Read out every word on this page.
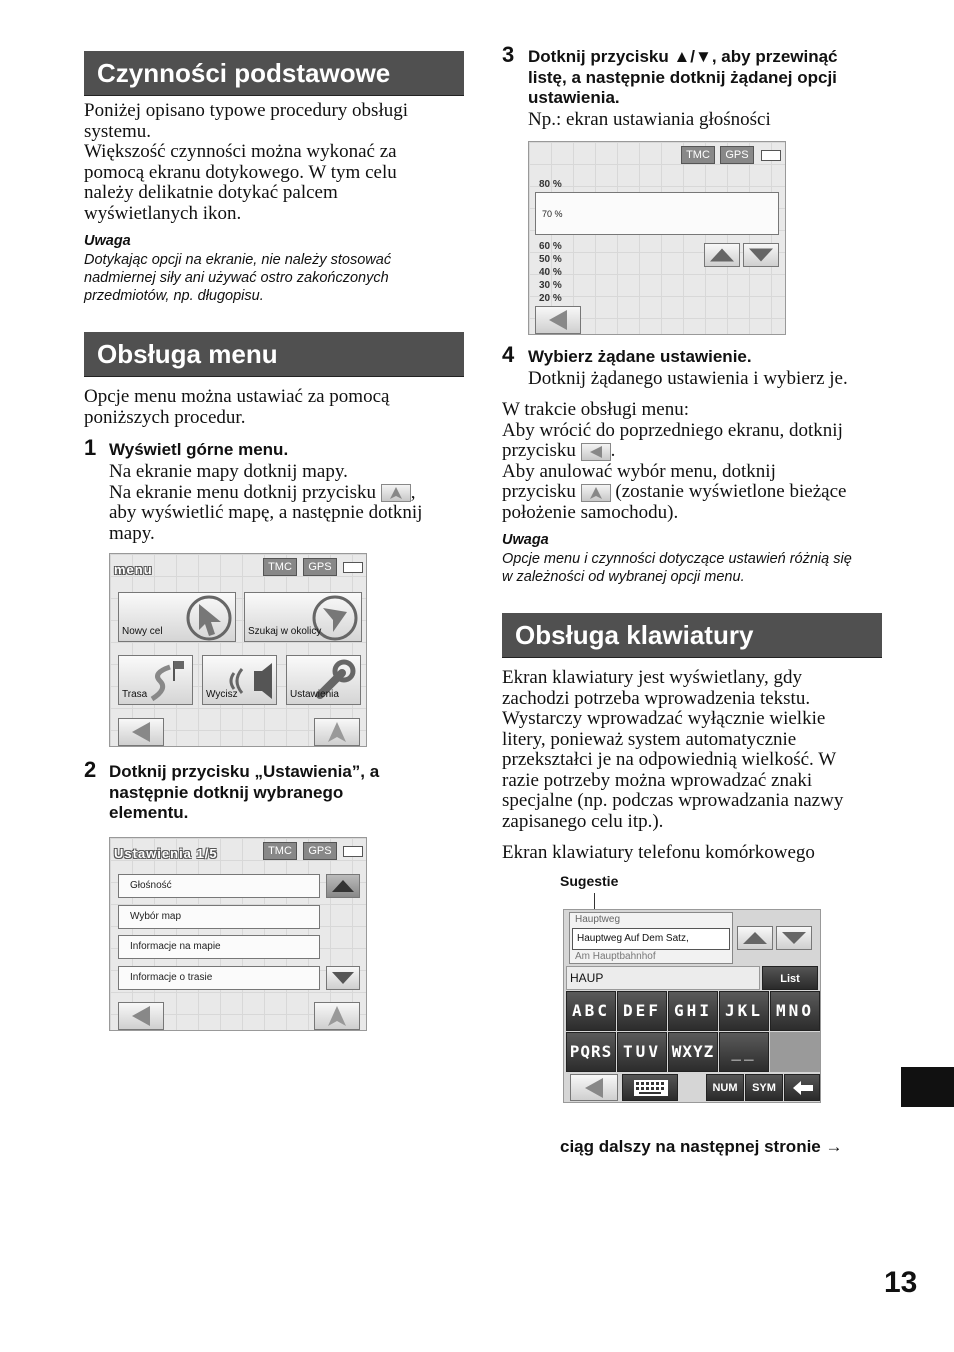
Czynności podstawowe
Poniżej opisano typowe procedury obsługi
systemu.
Większość czynności można wykonać za
pomocą ekranu dotykowego. W tym celu
należy delikatnie dotykać palcem
wyświetlanych ikon.
Uwaga
Dotykając opcji na ekranie, nie należy stosować
nadmiernej siły ani używać ostro zakończonych
przedmiotów, np. długopisu.
Obsługa menu
Opcje menu można ustawiać za pomocą
poniższych procedur.
1 Wyświetl górne menu.
Na ekranie mapy dotknij mapy.
Na ekranie menu dotknij przycisku ,
aby wyświetlić mapę, a następnie dotknij
mapy.
menu	TMC	GPS
Nowy cel	Szukaj w okolicy
Trasa	Wycisz	Ustawienia
2 Dotknij przycisku „Ustawienia”, a
następnie dotknij wybranego
elementu.
Ustawienia 1/5	TMC	GPS
Głośność
Wybór map
Informacje na mapie
Informacje o trasie
3 Dotknij przycisku ▲/▼, aby przewinąć
listę, a następnie dotknij żądanej opcji
ustawienia.
Np.: ekran ustawiania głośności
TMC	GPS
80 %
70 %
60 %
50 %
40 %
30 %
20 %
4 Wybierz żądane ustawienie.
Dotknij żądanego ustawienia i wybierz je.
W trakcie obsługi menu:
Aby wrócić do poprzedniego ekranu, dotknij
przycisku .
Aby anulować wybór menu, dotknij
przycisku (zostanie wyświetlone bieżące
położenie samochodu).
Uwaga
Opcje menu i czynności dotyczące ustawień różnią się
w zależności od wybranej opcji menu.
Obsługa klawiatury
Ekran klawiatury jest wyświetlany, gdy
zachodzi potrzeba wprowadzenia tekstu.
Wystarczy wprowadzać wyłącznie wielkie
litery, ponieważ system automatycznie
przekształci je na odpowiednią wielkość. W
razie potrzeby można wprowadzać znaki
specjalne (np. podczas wprowadzania nazwy
zapisanego celu itp.).
Ekran klawiatury telefonu komórkowego
Sugestie
Hauptweg
Hauptweg Auf Dem Satz,
Am Hauptbahnhof
HAUP	List
ABC DEF GHI JKL MNO
PQRS TUV WXYZ	__
NUM	SYM
ciąg dalszy na następnej stronie →
13
